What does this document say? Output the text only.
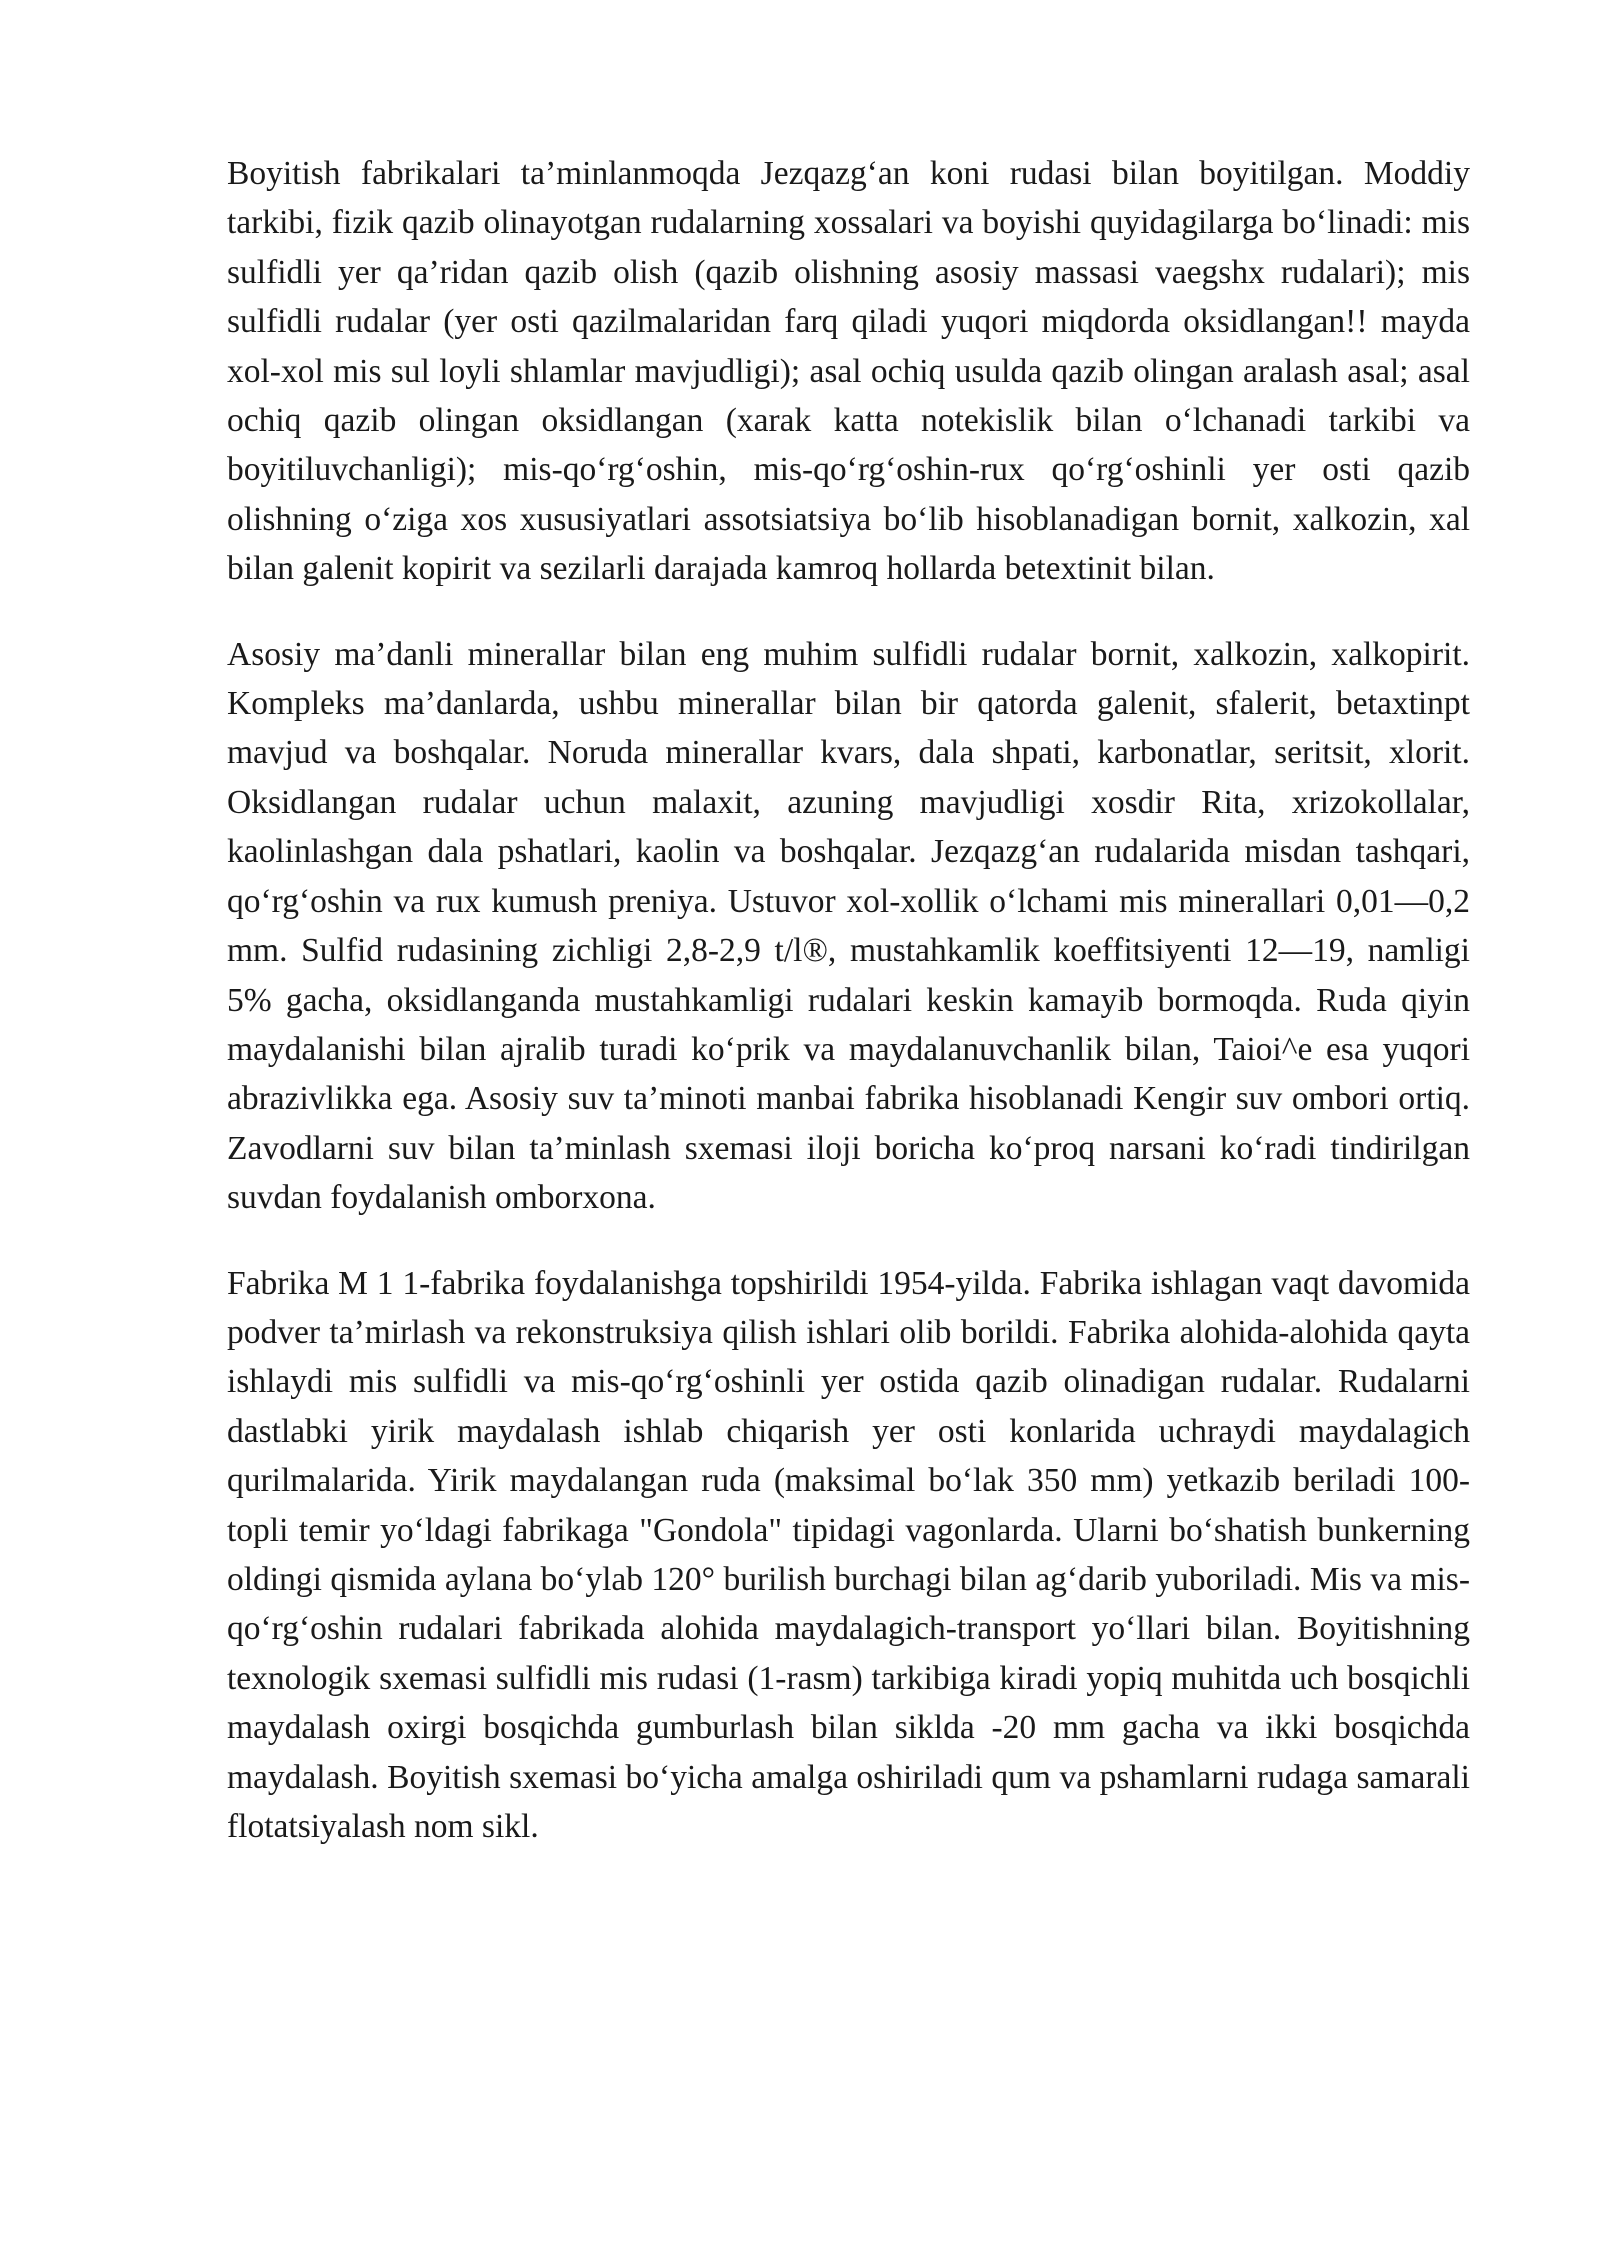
Boyitish fabrikalari ta’minlanmoqda Jezqazg‘an koni rudasi bilan boyitilgan. Moddiy tarkibi, fizik qazib olinayotgan rudalarning xossalari va boyishi quyidagilarga bo‘linadi: mis sulfidli yer qa’ridan qazib olish (qazib olishning asosiy massasi vaegshx rudalari); mis sulfidli rudalar (yer osti qazilmalaridan farq qiladi yuqori miqdorda oksidlangan!! mayda xol-xol mis sul loyli shlamlar mavjudligi); asal ochiq usulda qazib olingan aralash asal; asal ochiq qazib olingan oksidlangan (xarak katta notekislik bilan o‘lchanadi tarkibi va boyitiluvchanligi); mis-qo‘rg‘oshin, mis-qo‘rg‘oshin-rux qo‘rg‘oshinli yer osti qazib olishning o‘ziga xos xususiyatlari assotsiatsiya bo‘lib hisoblanadigan bornit, xalkozin, xal bilan galenit kopirit va sezilarli darajada kamroq hollarda betextinit bilan.

Asosiy ma’danli minerallar bilan eng muhim sulfidli rudalar bornit, xalkozin, xalkopirit. Kompleks ma’danlarda, ushbu minerallar bilan bir qatorda galenit, sfalerit, betaxtinpt mavjud va boshqalar. Noruda minerallar kvars, dala shpati, karbonatlar, seritsit, xlorit. Oksidlangan rudalar uchun malaxit, azuning mavjudligi xosdir Rita, xrizokollalar, kaolinlashgan dala pshatlari, kaolin va boshqalar. Jezqazg‘an rudalarida misdan tashqari, qo‘rg‘oshin va rux kumush preniya. Ustuvor xol-xollik o‘lchami mis minerallari 0,01—0,2 mm. Sulfid rudasining zichligi 2,8-2,9 t/l®, mustahkamlik koeffitsiyenti 12—19, namligi 5% gacha, oksidlanganda mustahkamligi rudalari keskin kamayib bormoqda. Ruda qiyin maydalanishi bilan ajralib turadi ko‘prik va maydalanuvchanlik bilan, Taioi^e esa yuqori abrazivlikka ega. Asosiy suv ta’minoti manbai fabrika hisoblanadi Kengir suv ombori ortiq. Zavodlarni suv bilan ta’minlash sxemasi iloji boricha ko‘proq narsani ko‘radi tindirilgan suvdan foydalanish omborxona.

Fabrika M 1 1-fabrika foydalanishga topshirildi 1954-yilda. Fabrika ishlagan vaqt davomida podver ta’mirlash va rekonstruksiya qilish ishlari olib borildi. Fabrika alohida-alohida qayta ishlaydi mis sulfidli va mis-qo‘rg‘oshinli yer ostida qazib olinadigan rudalar. Rudalarni dastlabki yirik maydalash ishlab chiqarish yer osti konlarida uchraydi maydalagich qurilmalarida. Yirik maydalangan ruda (maksimal bo‘lak 350 mm) yetkazib beriladi 100-topli temir yo‘ldagi fabrikaga "Gondola" tipidagi vagonlarda. Ularni bo‘shatish bunkerning oldingi qismida aylana bo‘ylab 120° burilish burchagi bilan ag‘darib yuboriladi. Mis va mis-qo‘rg‘oshin rudalari fabrikada alohida maydalagich-transport yo‘llari bilan. Boyitishning texnologik sxemasi sulfidli mis rudasi (1-rasm) tarkibiga kiradi yopiq muhitda uch bosqichli maydalash oxirgi bosqichda gumburlash bilan siklda -20 mm gacha va ikki bosqichda maydalash. Boyitish sxemasi bo‘yicha amalga oshiriladi qum va pshamlarni rudaga samarali flotatsiyalash nom sikl.
